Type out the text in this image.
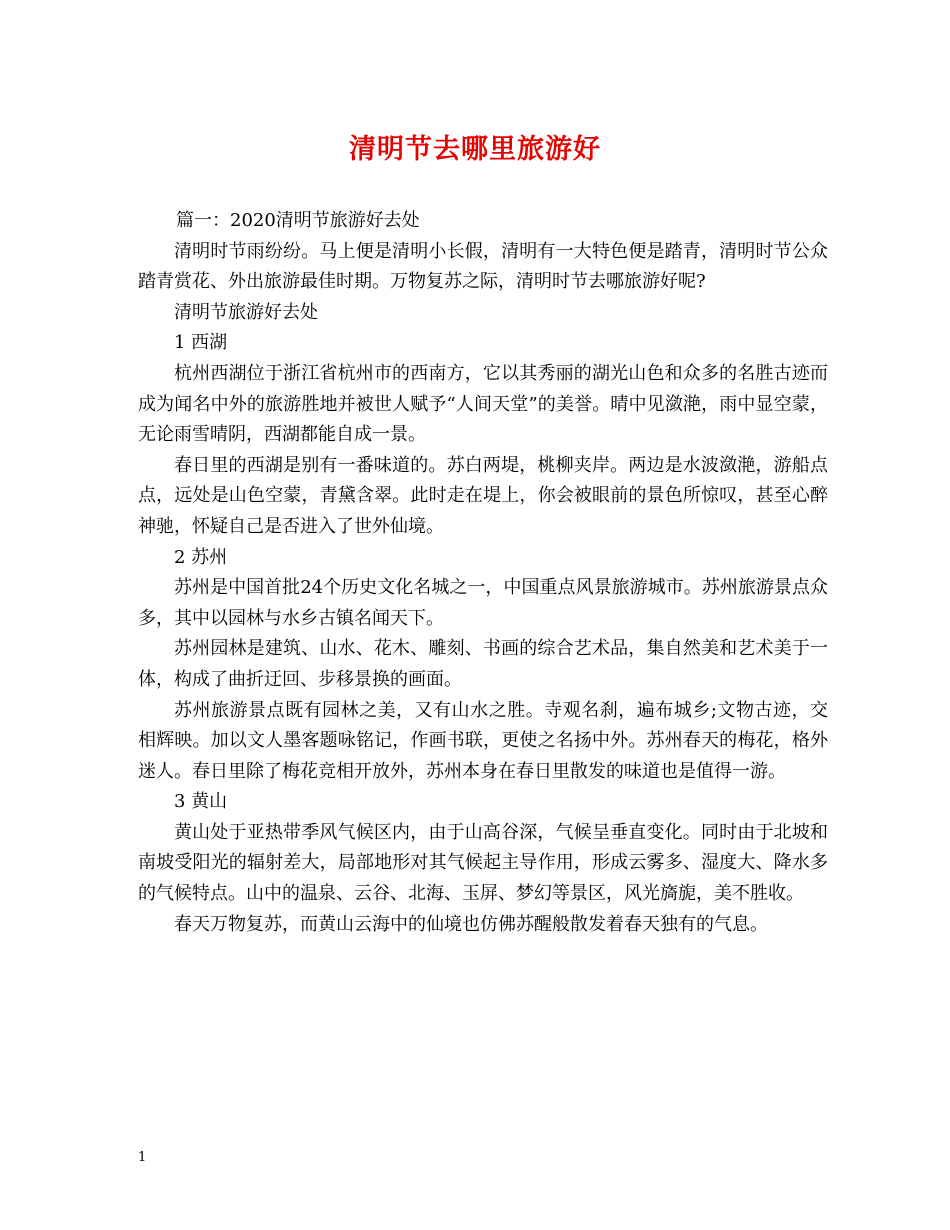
清明节去哪里旅游好

篇一：2020清明节旅游好去处

清明时节雨纷纷。马上便是清明小长假，清明有一大特色便是踏青，清明时节公众踏青赏花、外出旅游最佳时期。万物复苏之际，清明时节去哪旅游好呢?

清明节旅游好去处

1 西湖

杭州西湖位于浙江省杭州市的西南方，它以其秀丽的湖光山色和众多的名胜古迹而成为闻名中外的旅游胜地并被世人赋予“人间天堂”的美誉。晴中见潋滟，雨中显空蒙，无论雨雪晴阴，西湖都能自成一景。

春日里的西湖是别有一番味道的。苏白两堤，桃柳夹岸。两边是水波潋滟，游船点点，远处是山色空蒙，青黛含翠。此时走在堤上，你会被眼前的景色所惊叹，甚至心醉神驰，怀疑自己是否进入了世外仙境。

2 苏州

苏州是中国首批24个历史文化名城之一，中国重点风景旅游城市。苏州旅游景点众多，其中以园林与水乡古镇名闻天下。

苏州园林是建筑、山水、花木、雕刻、书画的综合艺术品，集自然美和艺术美于一体，构成了曲折迂回、步移景换的画面。

苏州旅游景点既有园林之美，又有山水之胜。寺观名刹，遍布城乡;文物古迹，交相辉映。加以文人墨客题咏铭记，作画书联，更使之名扬中外。苏州春天的梅花，格外迷人。春日里除了梅花竞相开放外，苏州本身在春日里散发的味道也是值得一游。

3 黄山

黄山处于亚热带季风气候区内，由于山高谷深，气候呈垂直变化。同时由于北坡和南坡受阳光的辐射差大，局部地形对其气候起主导作用，形成云雾多、湿度大、降水多的气候特点。山中的温泉、云谷、北海、玉屏、梦幻等景区，风光旖旎，美不胜收。

春天万物复苏，而黄山云海中的仙境也仿佛苏醒般散发着春天独有的气息。

1
